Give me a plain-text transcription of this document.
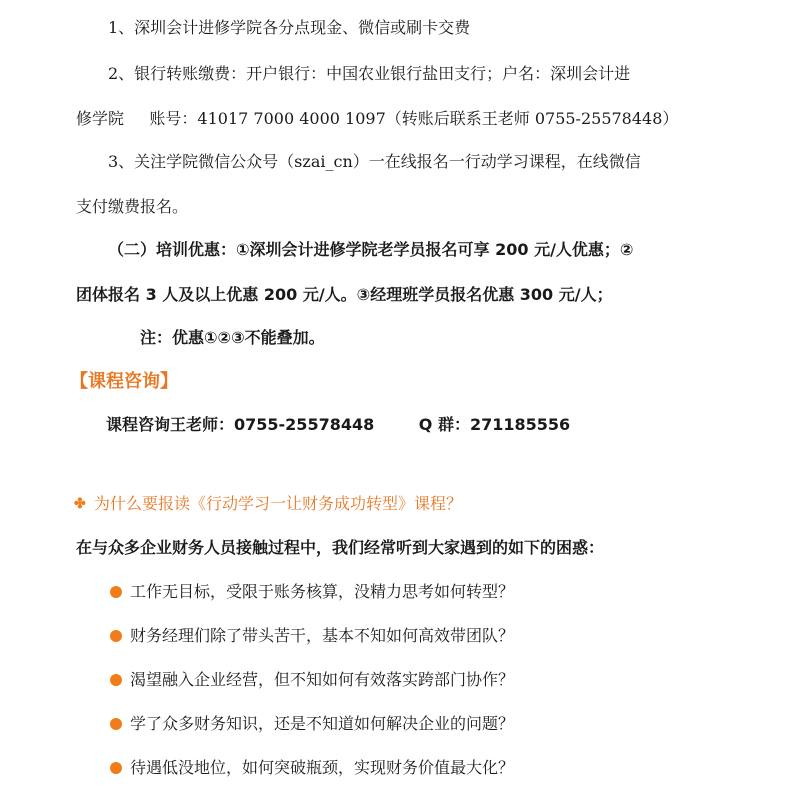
1、深圳会计进修学院各分点现金、微信或刷卡交费
2、银行转账缴费：开户银行：中国农业银行盐田支行；户名：深圳会计进
修学院     账号：41017 7000 4000 1097（转账后联系王老师 0755-25578448）
3、关注学院微信公众号（szai_cn）一在线报名一行动学习课程，在线微信
支付缴费报名。
（二）培训优惠：①深圳会计进修学院老学员报名可享 200 元/人优惠；②
团体报名 3 人及以上优惠 200 元/人。③经理班学员报名优惠 300 元/人；
注：优惠①②③不能叠加。
【课程咨询】
课程咨询王老师：0755-25578448        Q 群：271185556
✤ 为什么要报读《行动学习一让财务成功转型》课程？
在与众多企业财务人员接触过程中，我们经常听到大家遇到的如下的困惑：
工作无目标，受限于账务核算，没精力思考如何转型？
财务经理们除了带头苦干，基本不知如何高效带团队？
渴望融入企业经营，但不知如何有效落实跨部门协作？
学了众多财务知识，还是不知道如何解决企业的问题？
待遇低没地位，如何突破瓶颈，实现财务价值最大化？
